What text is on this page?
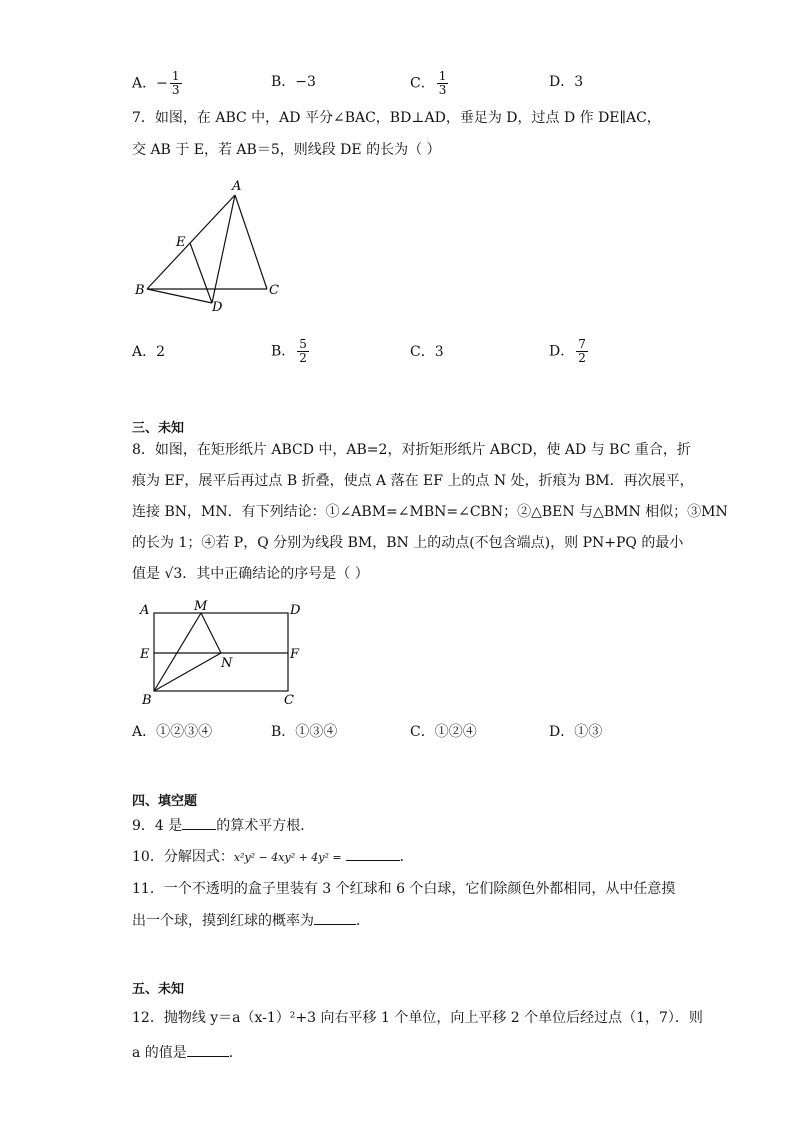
A．− $\frac{1}{3}$	B．−3	C． $\frac{1}{3}$	D．3
7．如图，在 ABC 中，AD 平分∠BAC，BD⊥AD，垂足为 D，过点 D 作 DE∥AC，
交 AB 于 E，若 AB＝5，则线段 DE 的长为（ ）
A
B	C
D
E
A．2	B． $\frac{5}{2}$	C．3	D． $\frac{7}{2}$
三、未知
8．如图，在矩形纸片 ABCD 中，AB=2，对折矩形纸片 ABCD，使 AD 与 BC 重合，折
痕为 EF，展平后再过点 B 折叠，使点 A 落在 EF 上的点 N 处，折痕为 BM．再次展平，
连接 BN，MN．有下列结论：①∠ABM=∠MBN=∠CBN；②△BEN 与△BMN 相似；③MN
的长为 1；④若 P，Q 分别为线段 BM，BN 上的动点(不包含端点)，则 PN+PQ 的最小
值是 √3．其中正确结论的序号是（ ）
A	M	D
E	F
N
B	C
A．①②③④	B．①③④	C．①②④	D．①③
四、填空题
9．4 是 的算术平方根．
10．分解因式：x²y² − 4xy² + 4y² =	．
11．一个不透明的盒子里装有 3 个红球和 6 个白球，它们除颜色外都相同，从中任意摸
出一个球，摸到红球的概率为	．
五、未知
12．抛物线 y＝a（x-1）²+3 向右平移 1 个单位，向上平移 2 个单位后经过点（1，7）．则
a 的值是	．
